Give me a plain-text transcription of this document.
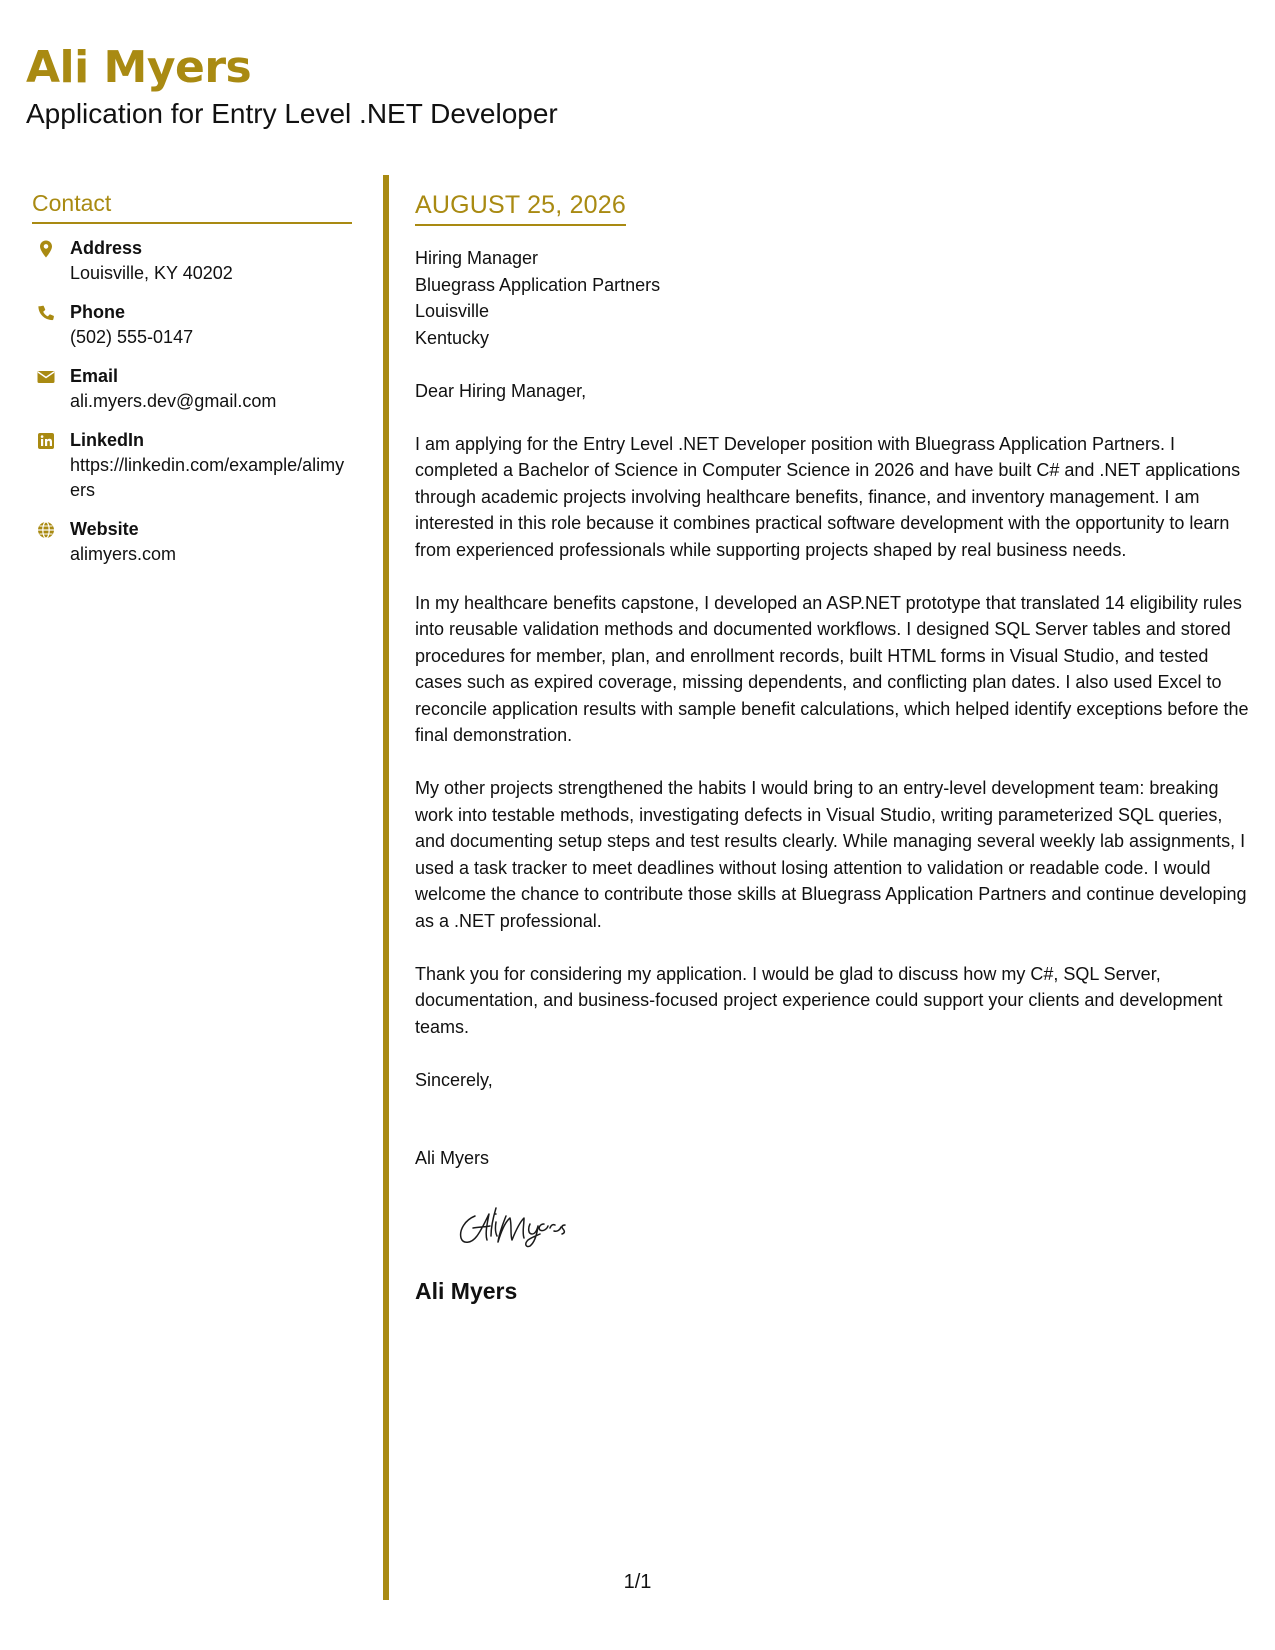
Ali Myers
Application for Entry Level .NET Developer
Contact
Address
Louisville, KY 40202
Phone
(502) 555-0147
Email
ali.myers.dev@gmail.com
LinkedIn
https://linkedin.com/example/alimyers
Website
alimyers.com
AUGUST 25, 2026
Hiring Manager
Bluegrass Application Partners
Louisville
Kentucky
Dear Hiring Manager,

I am applying for the Entry Level .NET Developer position with Bluegrass Application Partners. I completed a Bachelor of Science in Computer Science in 2026 and have built C# and .NET applications through academic projects involving healthcare benefits, finance, and inventory management. I am interested in this role because it combines practical software development with the opportunity to learn from experienced professionals while supporting projects shaped by real business needs.

In my healthcare benefits capstone, I developed an ASP.NET prototype that translated 14 eligibility rules into reusable validation methods and documented workflows. I designed SQL Server tables and stored procedures for member, plan, and enrollment records, built HTML forms in Visual Studio, and tested cases such as expired coverage, missing dependents, and conflicting plan dates. I also used Excel to reconcile application results with sample benefit calculations, which helped identify exceptions before the final demonstration.

My other projects strengthened the habits I would bring to an entry-level development team: breaking work into testable methods, investigating defects in Visual Studio, writing parameterized SQL queries, and documenting setup steps and test results clearly. While managing several weekly lab assignments, I used a task tracker to meet deadlines without losing attention to validation or readable code. I would welcome the chance to contribute those skills at Bluegrass Application Partners and continue developing as a .NET professional.

Thank you for considering my application. I would be glad to discuss how my C#, SQL Server, documentation, and business-focused project experience could support your clients and development teams.

Sincerely,
Ali Myers
Ali Myers
1/1
